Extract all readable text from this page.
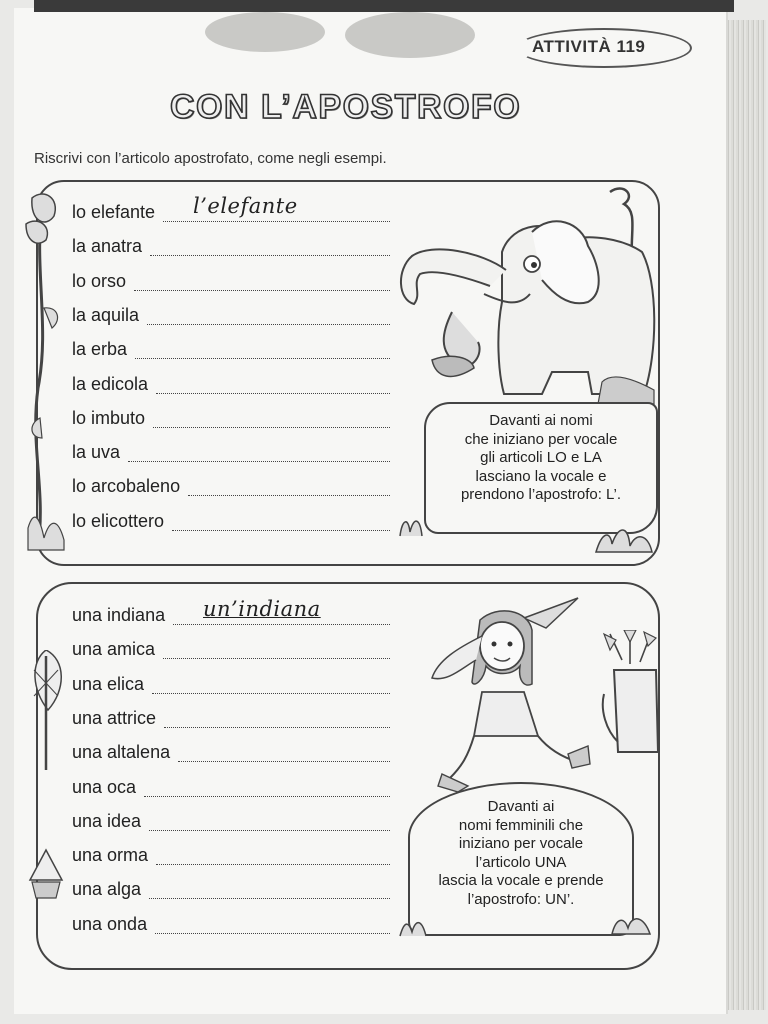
ATTIVITÀ 119
CON L’APOSTROFO
Riscrivi con l’articolo apostrofato, come negli esempi.
lo elefante l’elefante
la anatra
lo orso
la aquila
la erba
la edicola
lo imbuto
la uva
lo arcobaleno
lo elicottero
Davanti ai nomi
che iniziano per vocale
gli articoli LO e LA
lasciano la vocale e
prendono l’apostrofo: L’.
una indiana un’indiana
una amica
una elica
una attrice
una altalena
una oca
una idea
una orma
una alga
una onda
Davanti ai
nomi femminili che
iniziano per vocale
l’articolo UNA
lascia la vocale e prende
l’apostrofo: UN’.
